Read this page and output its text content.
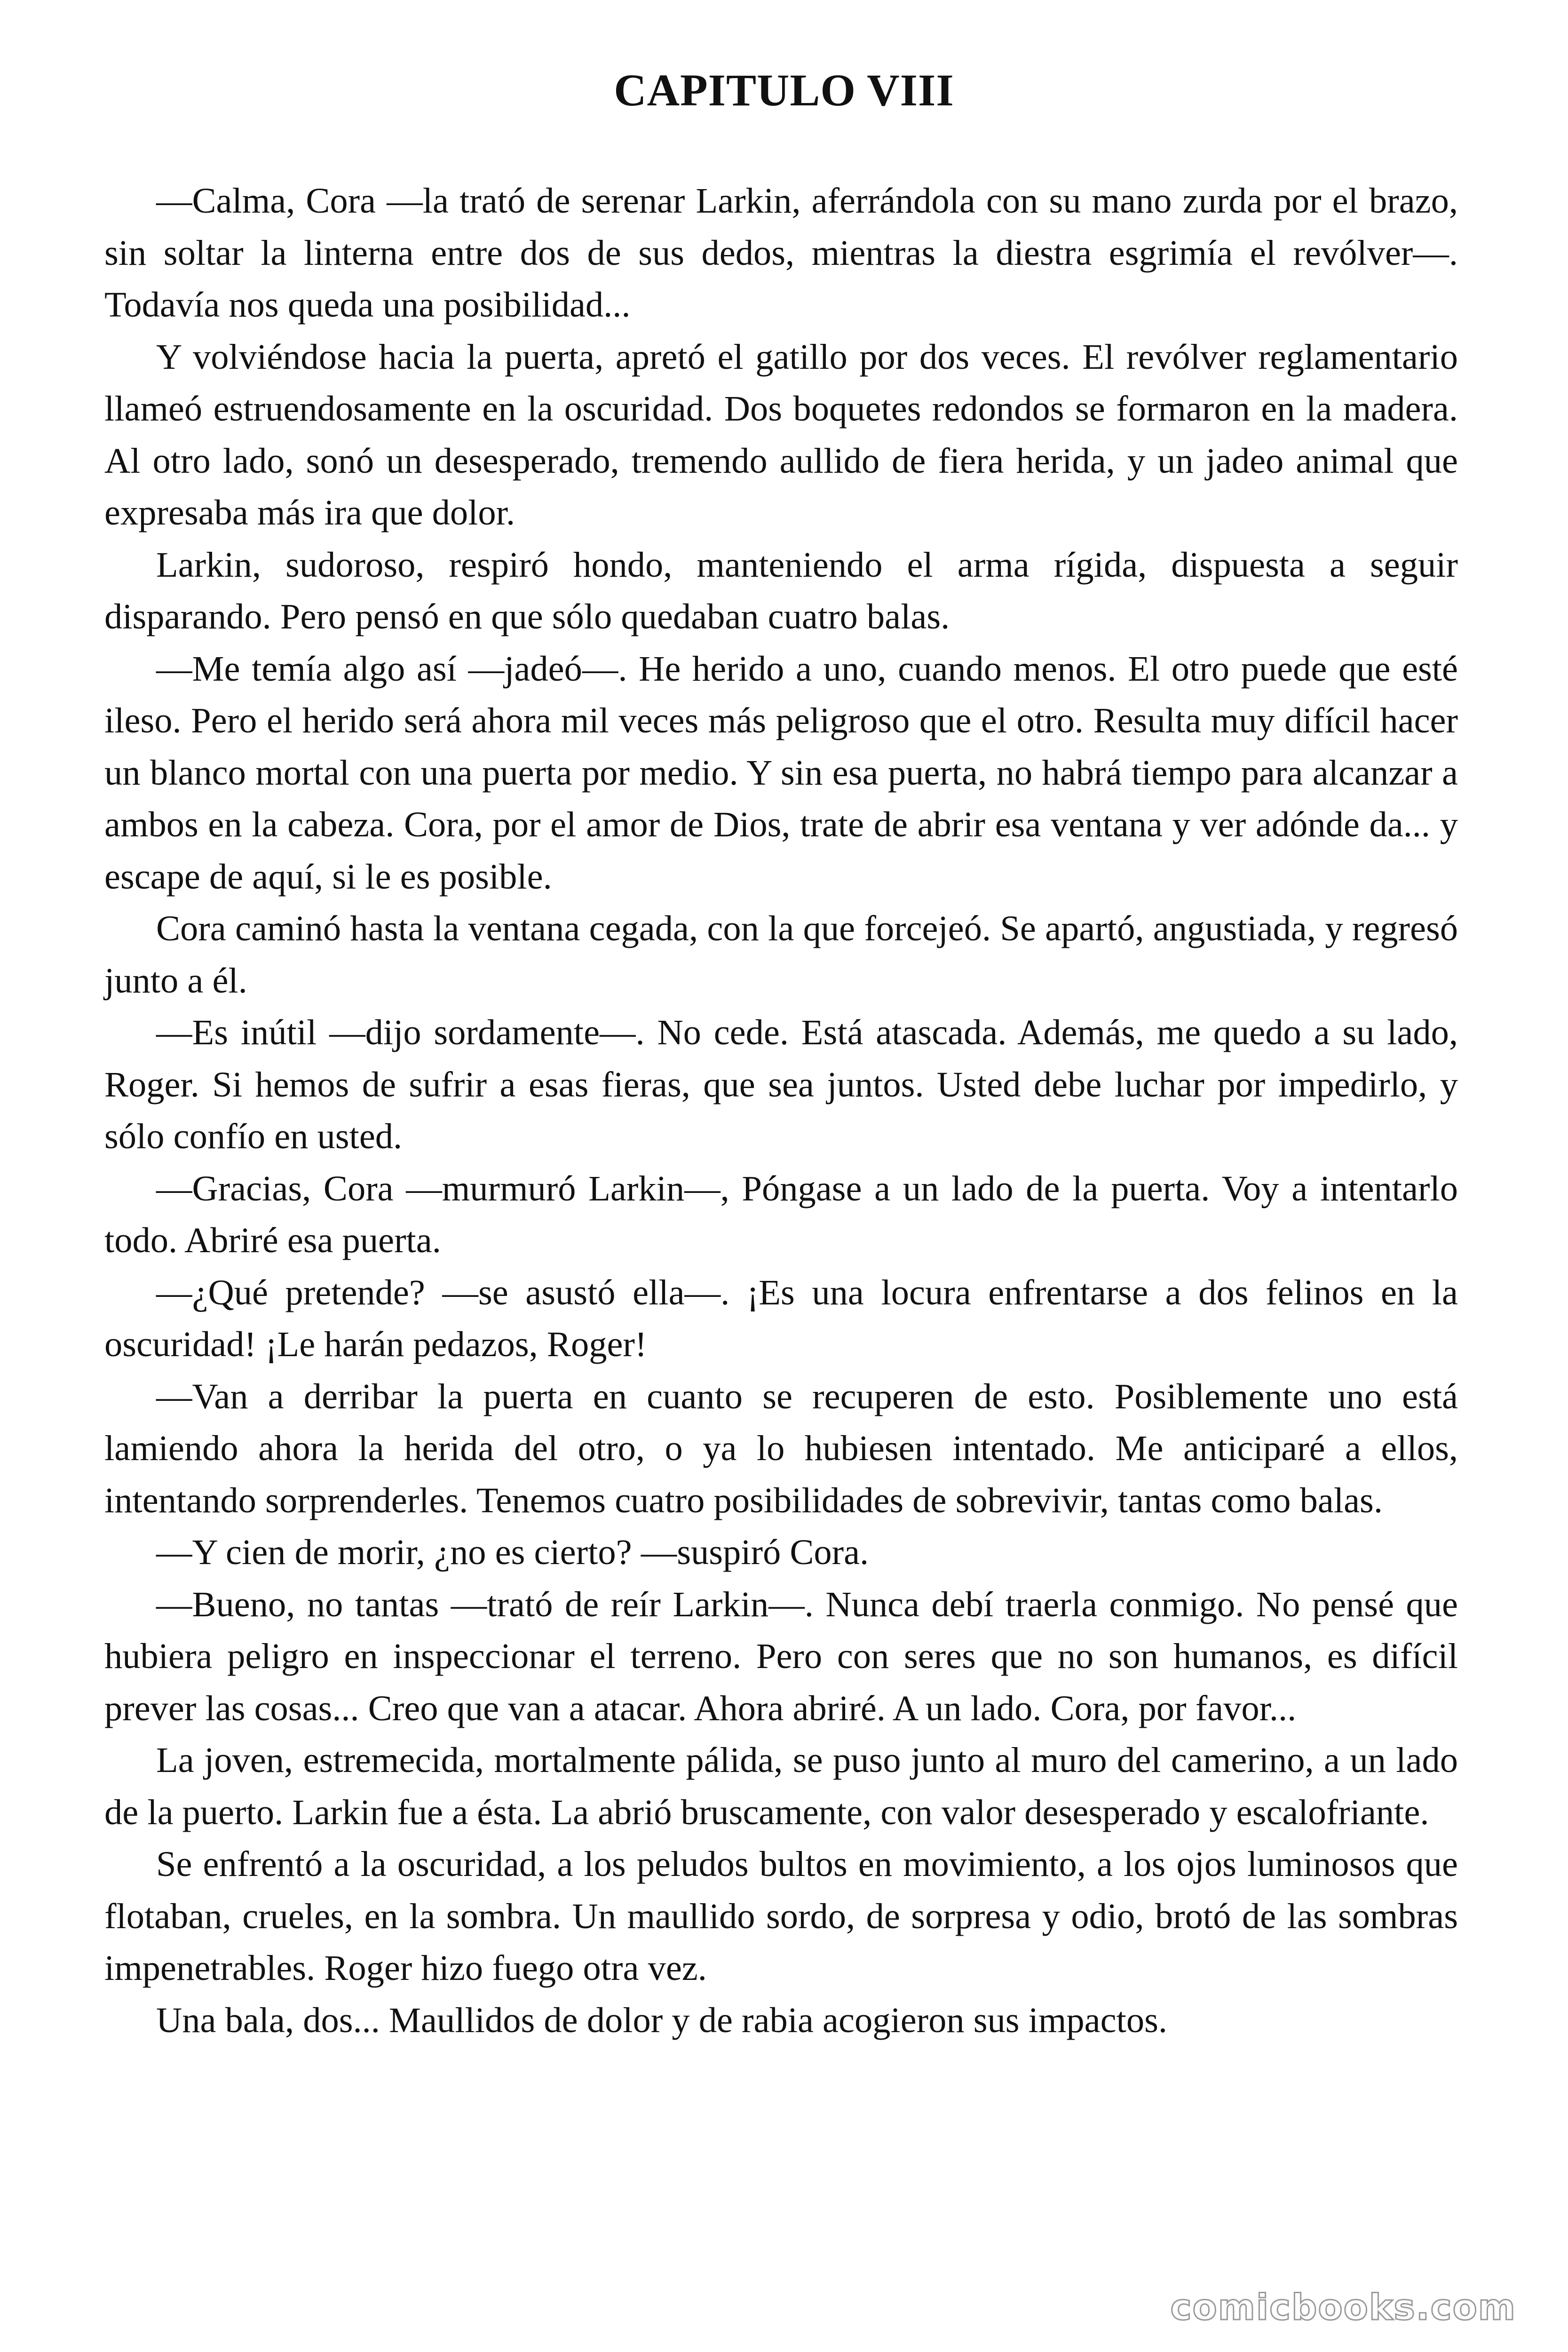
CAPITULO VIII

—Calma, Cora —la trató de serenar Larkin, aferrándola con su mano zurda por el brazo, sin soltar la linterna entre dos de sus dedos, mientras la diestra esgrimía el revólver—. Todavía nos queda una posibilidad...

Y volviéndose hacia la puerta, apretó el gatillo por dos veces. El revólver reglamentario llameó estruendosamente en la oscuridad. Dos boquetes redondos se formaron en la madera. Al otro lado, sonó un desesperado, tremendo aullido de fiera herida, y un jadeo animal que expresaba más ira que dolor.

Larkin, sudoroso, respiró hondo, manteniendo el arma rígida, dispuesta a seguir disparando. Pero pensó en que sólo quedaban cuatro balas.

—Me temía algo así —jadeó—. He herido a uno, cuando menos. El otro puede que esté ileso. Pero el herido será ahora mil veces más peligroso que el otro. Resulta muy difícil hacer un blanco mortal con una puerta por medio. Y sin esa puerta, no habrá tiempo para alcanzar a ambos en la cabeza. Cora, por el amor de Dios, trate de abrir esa ventana y ver adónde da... y escape de aquí, si le es posible.

Cora caminó hasta la ventana cegada, con la que forcejeó. Se apartó, angustiada, y regresó junto a él.

—Es inútil —dijo sordamente—. No cede. Está atascada. Además, me quedo a su lado, Roger. Si hemos de sufrir a esas fieras, que sea juntos. Usted debe luchar por impedirlo, y sólo confío en usted.

—Gracias, Cora —murmuró Larkin—, Póngase a un lado de la puerta. Voy a intentarlo todo. Abriré esa puerta.

—¿Qué pretende? —se asustó ella—. ¡Es una locura enfrentarse a dos felinos en la oscuridad! ¡Le harán pedazos, Roger!

—Van a derribar la puerta en cuanto se recuperen de esto. Posiblemente uno está lamiendo ahora la herida del otro, o ya lo hubiesen intentado. Me anticiparé a ellos, intentando sorprenderles. Tenemos cuatro posibilidades de sobrevivir, tantas como balas.

—Y cien de morir, ¿no es cierto? —suspiró Cora.

—Bueno, no tantas —trató de reír Larkin—. Nunca debí traerla conmigo. No pensé que hubiera peligro en inspeccionar el terreno. Pero con seres que no son humanos, es difícil prever las cosas... Creo que van a atacar. Ahora abriré. A un lado. Cora, por favor...

La joven, estremecida, mortalmente pálida, se puso junto al muro del camerino, a un lado de la puerto. Larkin fue a ésta. La abrió bruscamente, con valor desesperado y escalofriante.

Se enfrentó a la oscuridad, a los peludos bultos en movimiento, a los ojos luminosos que flotaban, crueles, en la sombra. Un maullido sordo, de sorpresa y odio, brotó de las sombras impenetrables. Roger hizo fuego otra vez.

Una bala, dos... Maullidos de dolor y de rabia acogieron sus impactos.

comicbooks.com
